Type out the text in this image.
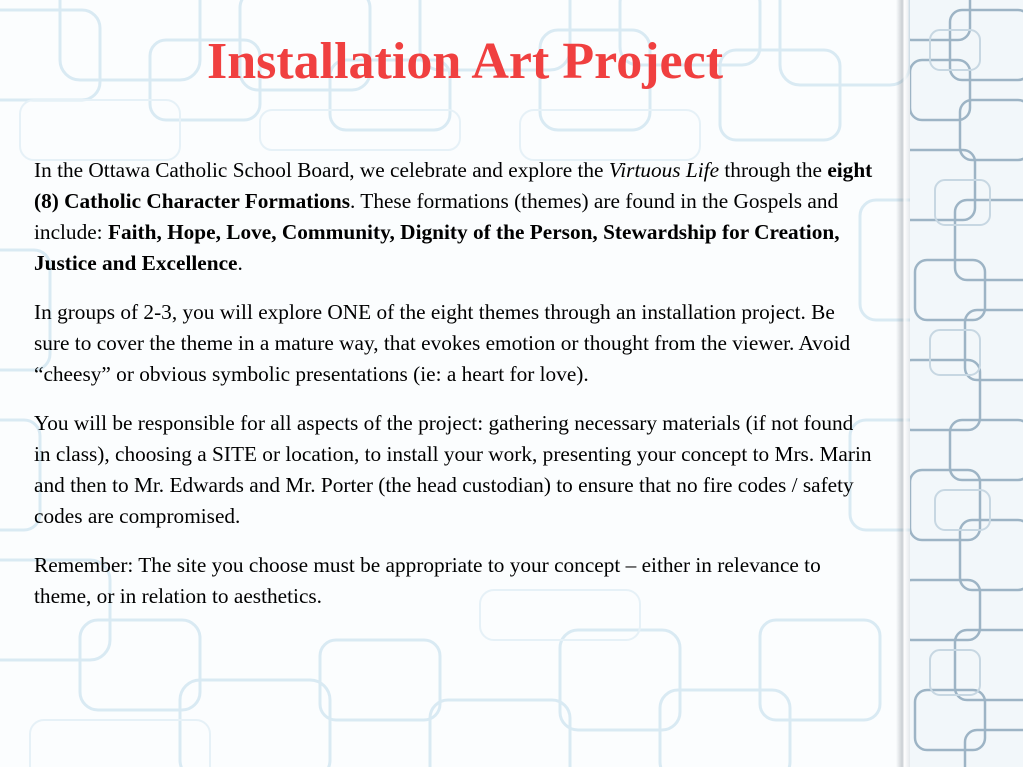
Installation Art Project

In the Ottawa Catholic School Board, we celebrate and explore the Virtuous Life through the eight (8) Catholic Character Formations. These formations (themes) are found in the Gospels and include: Faith, Hope, Love, Community, Dignity of the Person, Stewardship for Creation, Justice and Excellence.

In groups of 2-3, you will explore ONE of the eight themes through an installation project. Be sure to cover the theme in a mature way, that evokes emotion or thought from the viewer. Avoid “cheesy” or obvious symbolic presentations (ie: a heart for love).

You will be responsible for all aspects of the project: gathering necessary materials (if not found in class), choosing a SITE or location, to install your work, presenting your concept to Mrs. Marin and then to Mr. Edwards and Mr. Porter (the head custodian) to ensure that no fire codes / safety codes are compromised.

Remember: The site you choose must be appropriate to your concept – either in relevance to theme, or in relation to aesthetics.
